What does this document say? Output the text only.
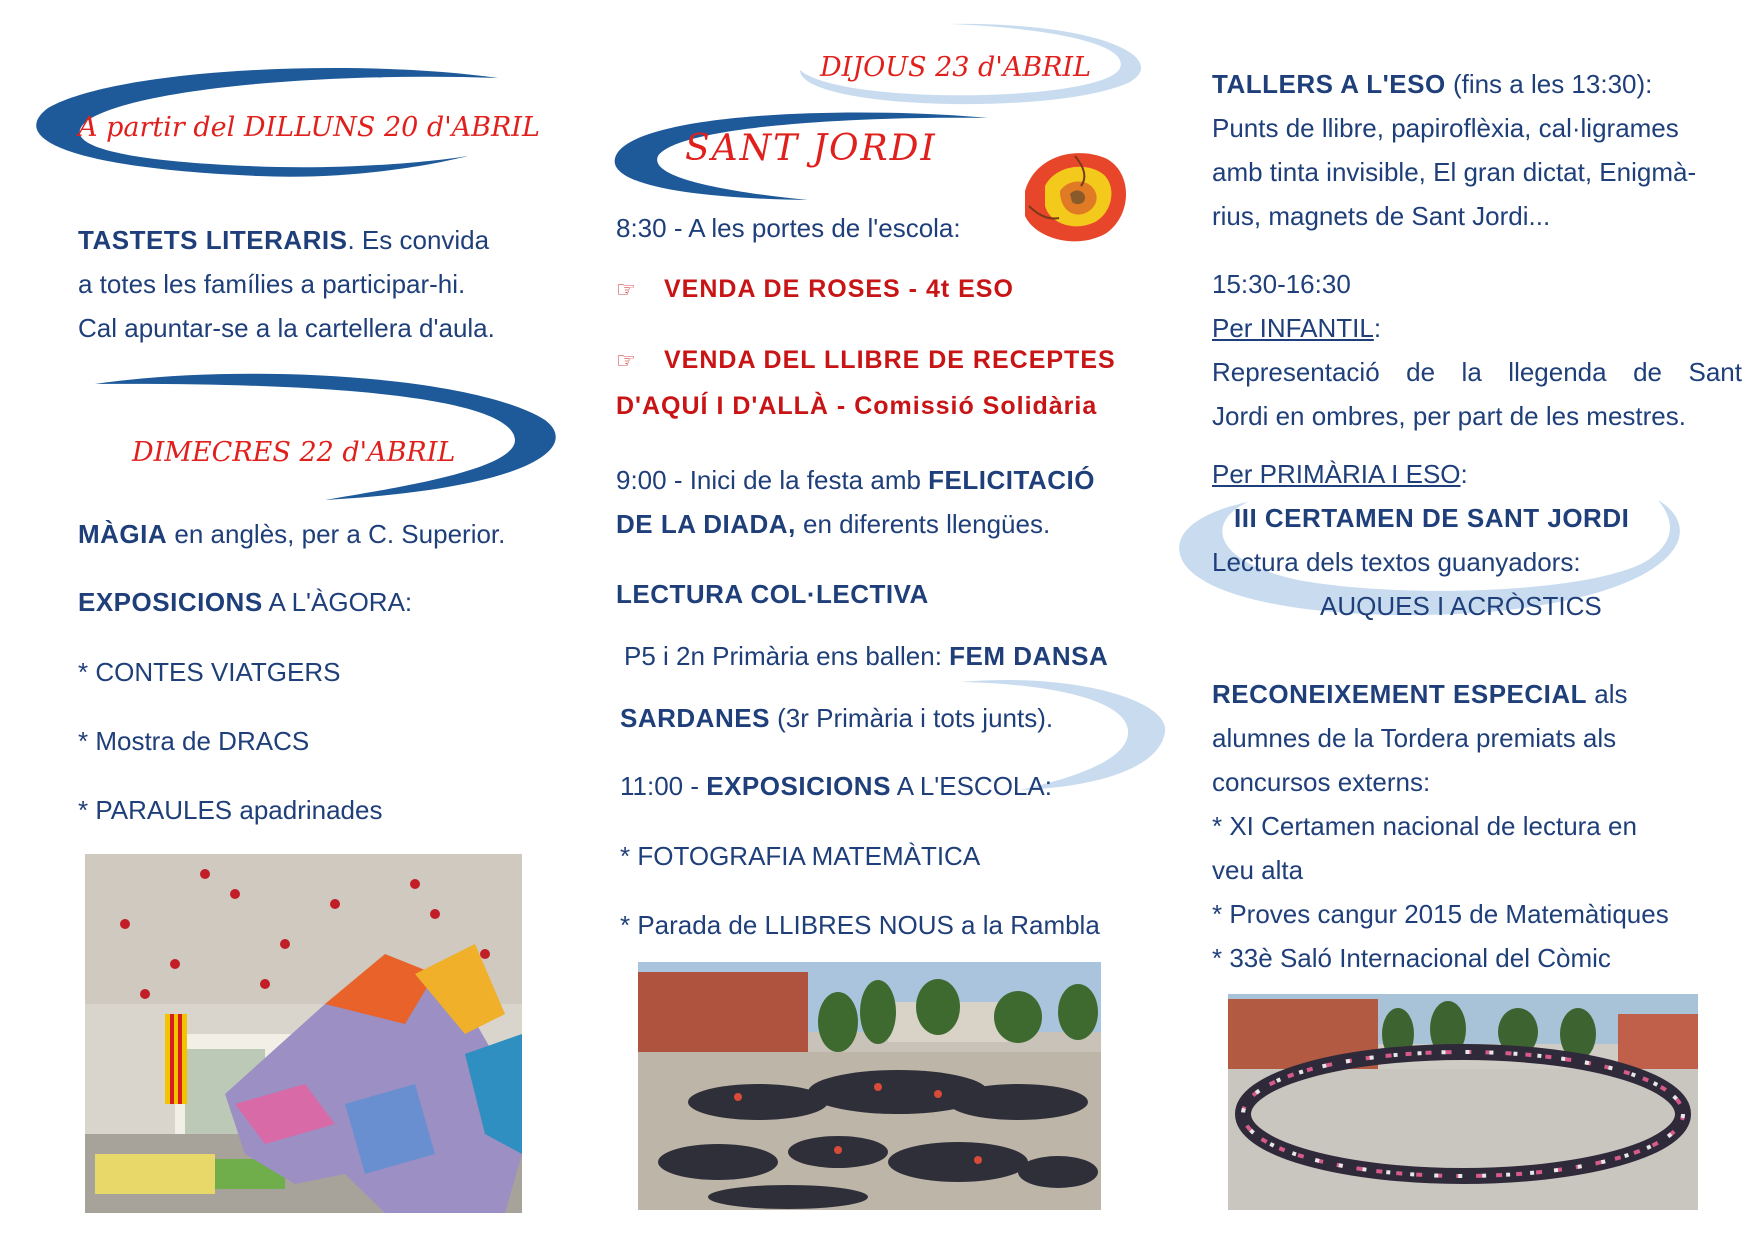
A partir del DILLUNS 20 d'ABRIL
TASTETS LITERARIS. Es convida
a totes les famílies a participar-hi.
Cal apuntar-se a la cartellera d'aula.
DIMECRES 22 d'ABRIL
MÀGIA en anglès, per a C. Superior.
EXPOSICIONS A L'ÀGORA:
* CONTES VIATGERS
* Mostra de DRACS
* PARAULES apadrinades
DIJOUS 23 d'ABRIL
SANT JORDI
8:30 - A les portes de l'escola:
☞ VENDA DE ROSES - 4t ESO
☞ VENDA DEL LLIBRE DE RECEPTES
D'AQUÍ I D'ALLÀ - Comissió Solidària
9:00 - Inici de la festa amb FELICITACIÓ
DE LA DIADA, en diferents llengües.
LECTURA COL·LECTIVA
P5 i 2n Primària ens ballen: FEM DANSA
SARDANES (3r Primària i tots junts).
11:00 - EXPOSICIONS A L'ESCOLA:
* FOTOGRAFIA MATEMÀTICA
* Parada de LLIBRES NOUS a la Rambla
TALLERS A L'ESO (fins a les 13:30):
Punts de llibre, papiroflèxia, cal·ligrames
amb tinta invisible, El gran dictat, Enigmà-
rius, magnets de Sant Jordi...
15:30-16:30
Per INFANTIL:
Representació de la llegenda de Sant
Jordi en ombres, per part de les mestres.
Per PRIMÀRIA I ESO:
III CERTAMEN DE SANT JORDI
Lectura dels textos guanyadors:
AUQUES I ACRÒSTICS
RECONEIXEMENT ESPECIAL als
alumnes de la Tordera premiats als
concursos externs:
* XI Certamen nacional de lectura en
veu alta
* Proves cangur 2015 de Matemàtiques
* 33è Saló Internacional del Còmic
